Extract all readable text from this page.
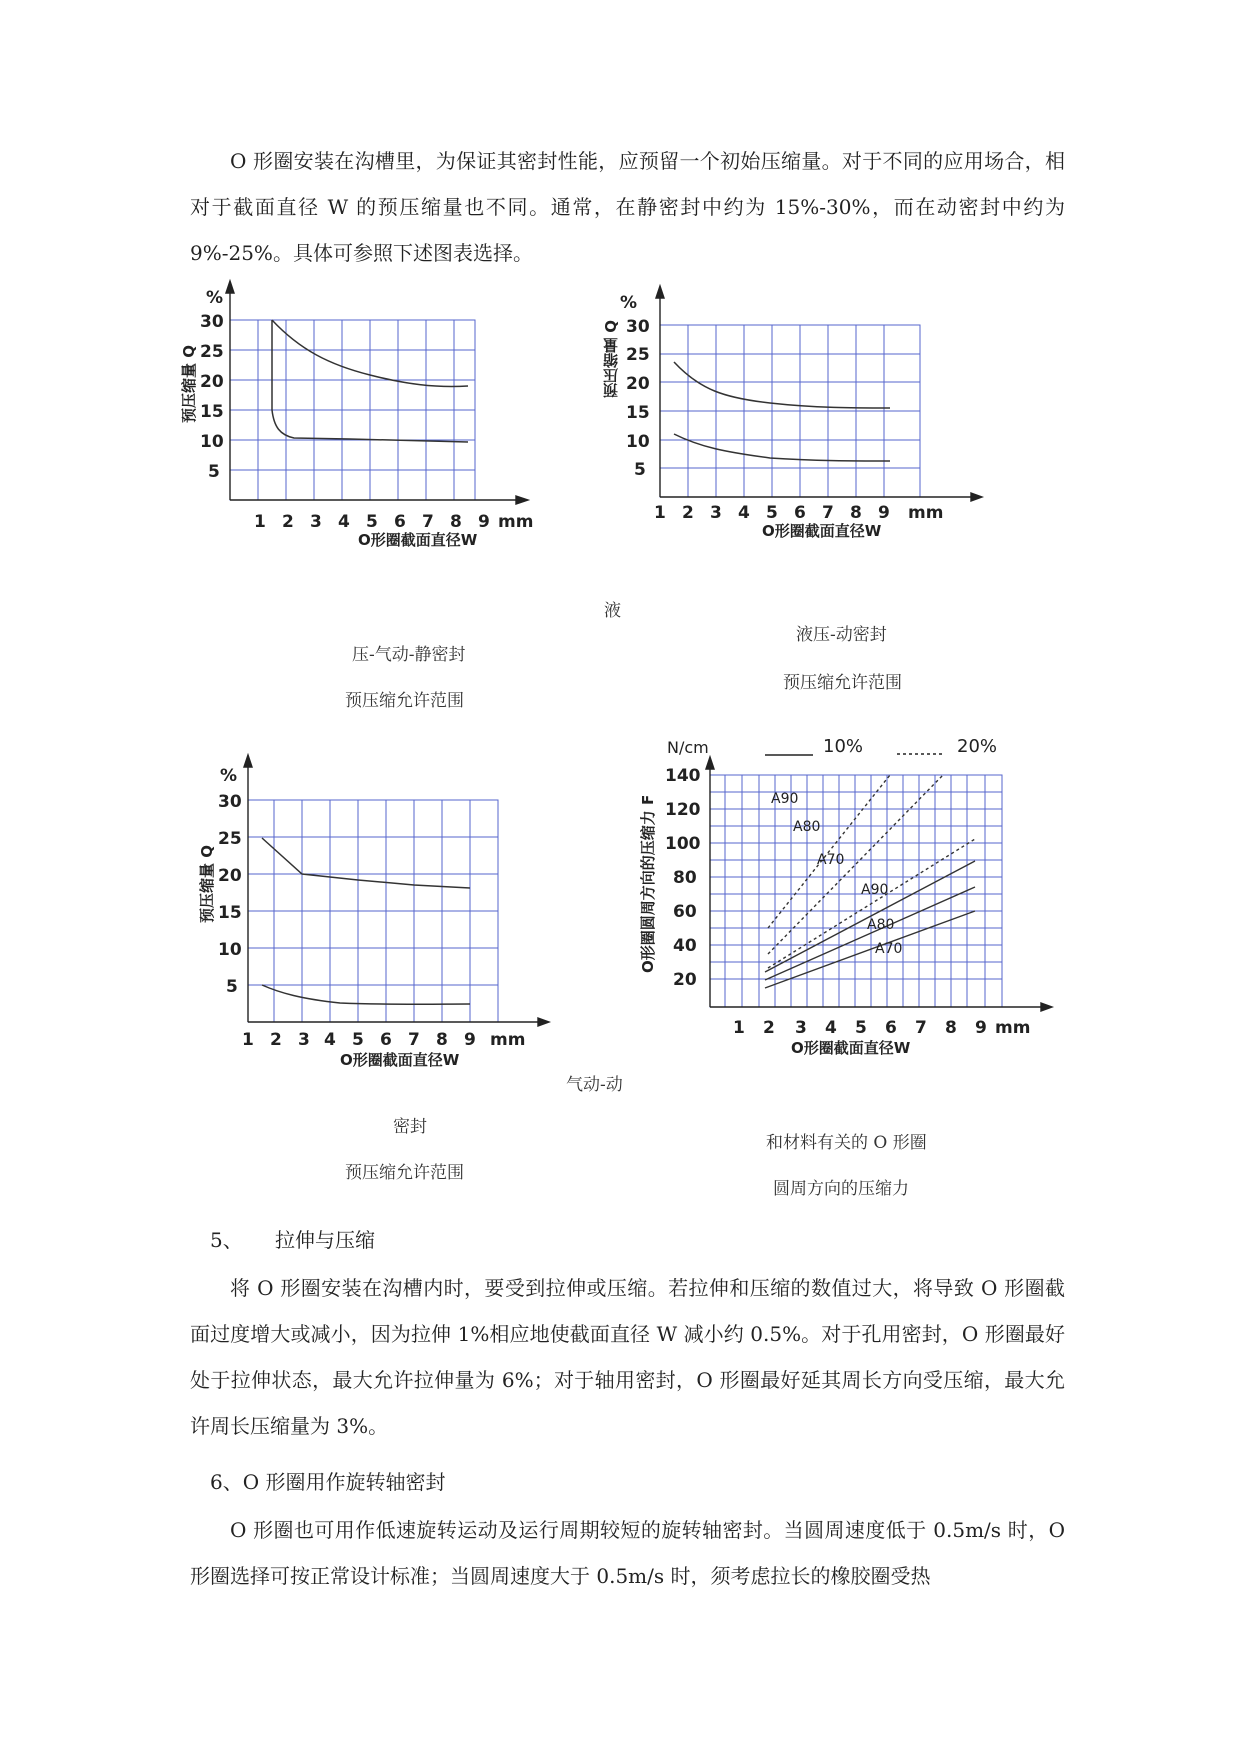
O 形圈安装在沟槽里，为保证其密封性能，应预留一个初始压缩量。对于不同的应用场合，相对于截面直径 W 的预压缩量也不同。通常，在静密封中约为 15%-30%，而在动密封中约为 9%-25%。具体可参照下述图表选择。

%
30
25
20
15
10
5
1 2 3 4 5 6 7 8 9 mm
O形圈截面直径W
预压缩量 Q
%
30
25
20
15
10
5
1 2 3 4 5 6 7 8 9 mm
O形圈截面直径W
预压缩量 Q
液
压-气动-静密封
预压缩允许范围
液压-动密封
预压缩允许范围
%
30
25
20
15
10
5
1 2 3 4 5 6 7 8 9 mm
O形圈截面直径W
预压缩量 Q
10%	20%
N/cm
A90
A80
A70
A90
A80
A70
140
120
100
80
60
40
20
1 2 3 4 5 6 7 8 9 mm
O形圈截面直径W
O形圈圆周方向的压缩力 F
气动-动
密封
预压缩允许范围
和材料有关的 O 形圈
圆周方向的压缩力
5、 拉伸与压缩

将 O 形圈安装在沟槽内时，要受到拉伸或压缩。若拉伸和压缩的数值过大，将导致 O 形圈截面过度增大或减小，因为拉伸 1%相应地使截面直径 W 减小约 0.5%。对于孔用密封，O 形圈最好处于拉伸状态，最大允许拉伸量为 6%；对于轴用密封，O 形圈最好延其周长方向受压缩，最大允许周长压缩量为 3%。

6、O 形圈用作旋转轴密封

O 形圈也可用作低速旋转运动及运行周期较短的旋转轴密封。当圆周速度低于 0.5m/s 时，O 形圈选择可按正常设计标准；当圆周速度大于 0.5m/s 时，须考虑拉长的橡胶圈受热
